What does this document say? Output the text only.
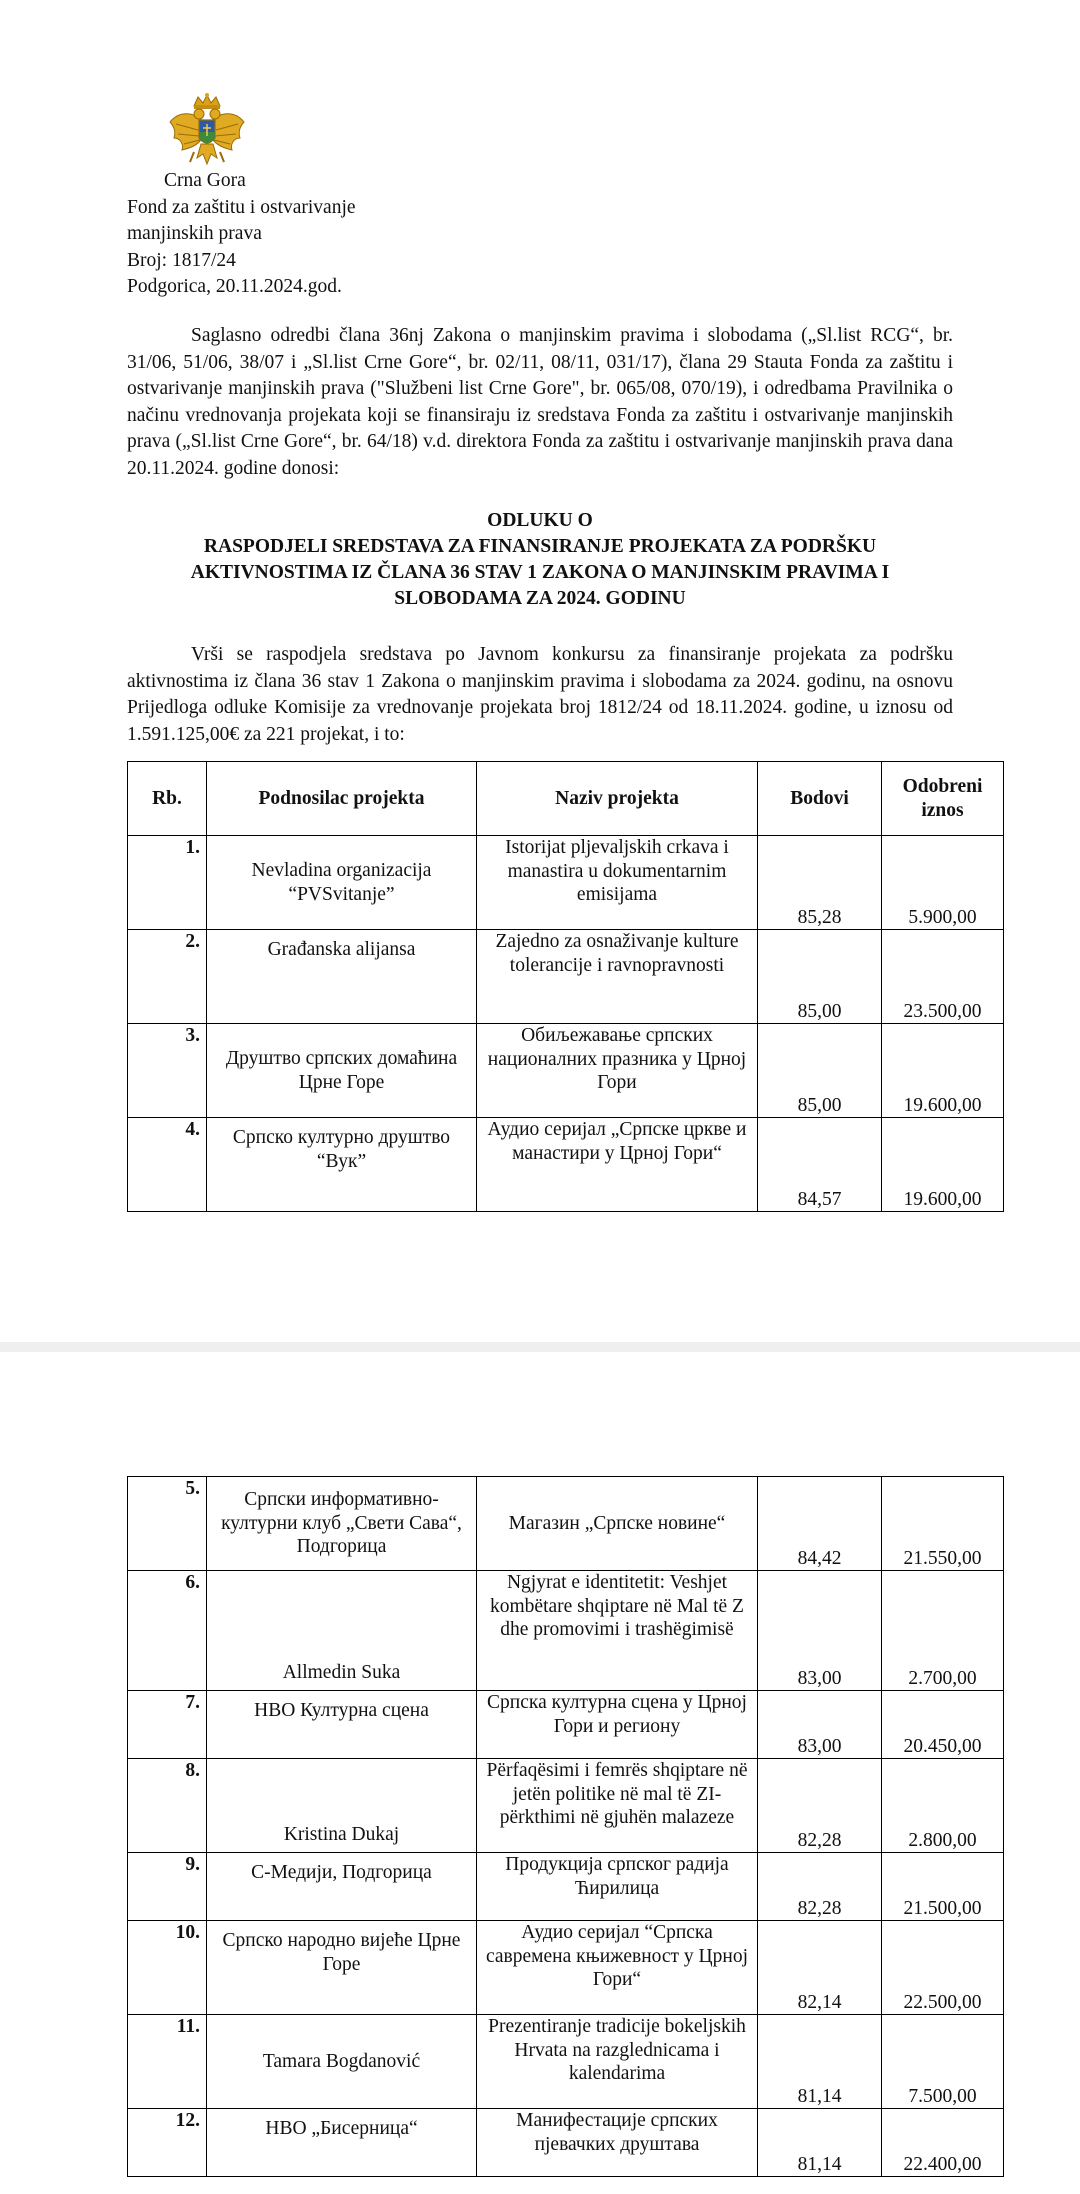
Crna Gora
Fond za zaštitu i ostvarivanje
manjinskih prava
Broj: 1817/24
Podgorica, 20.11.2024.god.
Saglasno odredbi člana 36nj Zakona o manjinskim pravima i slobodama („Sl.list RCG“, br. 31/06, 51/06, 38/07 i „Sl.list Crne Gore“, br. 02/11, 08/11, 031/17), člana 29 Stauta Fonda za zaštitu i ostvarivanje manjinskih prava ("Službeni list Crne Gore", br. 065/08, 070/19), i odredbama Pravilnika o načinu vrednovanja projekata koji se finansiraju iz sredstava Fonda za zaštitu i ostvarivanje manjinskih prava („Sl.list Crne Gore“, br. 64/18) v.d. direktora Fonda za zaštitu i ostvarivanje manjinskih prava dana 20.11.2024. godine donosi:
ODLUKU O
RASPODJELI SREDSTAVA ZA FINANSIRANJE PROJEKATA ZA PODRŠKU
AKTIVNOSTIMA IZ ČLANA 36 STAV 1 ZAKONA O MANJINSKIM PRAVIMA I
SLOBODAMA ZA 2024. GODINU
Vrši se raspodjela sredstava po Javnom konkursu za finansiranje projekata za podršku aktivnostima iz člana 36 stav 1 Zakona o manjinskim pravima i slobodama za 2024. godinu, na osnovu Prijedloga odluke Komisije za vrednovanje projekata broj 1812/24 od 18.11.2024. godine, u iznosu od 1.591.125,00€ za 221 projekat, i to:
Rb.	Podnosilac projekta	Naziv projekta	Bodovi	Odobreni
iznos

1.	Nevladina organizacija “PVSvitanje”	Istorijat pljevaljskih crkava i manastira u dokumentarnim emisijama	85,28	5.900,00
2.	Građanska alijansa	Zajedno za osnaživanje kulture tolerancije i ravnopravnosti	85,00	23.500,00
3.	Друштво српских домаћина Црне Горе	Обиљежавање српских националних празника у Црној Гори	85,00	19.600,00
4.	Српско културно друштво “Вук”	Аудио серијал „Српске цркве и манастири у Црној Гори“	84,57	19.600,00
5.	Српски информативно-културни клуб „Свети Сава“, Подгорица	Магазин „Српске новине“	84,42	21.550,00
6.	Allmedin Suka	Ngjyrat e identitetit: Veshjet kombëtare shqiptare në Mal të Z dhe promovimi i trashëgimisë	83,00	2.700,00
7.	НВО Културна сцена	Српска културна сцена у Црној Гори и региону	83,00	20.450,00
8.	Kristina Dukaj	Përfaqësimi i femrës shqiptare në jetën politike në mal të ZI-përkthimi në gjuhën malazeze	82,28	2.800,00
9.	С-Медији, Подгорица	Продукција српског радија Ћирилица	82,28	21.500,00
10.	Српско народно вијеће Црне Горе	Аудио серијал “Српска савремена књижевност у Црној Гори“	82,14	22.500,00
11.	Tamara Bogdanović	Prezentiranje tradicije bokeljskih Hrvata na razglednicama i kalendarima	81,14	7.500,00
12.	НВО „Бисерница“	Манифестације српских пјевачких друштава	81,14	22.400,00
